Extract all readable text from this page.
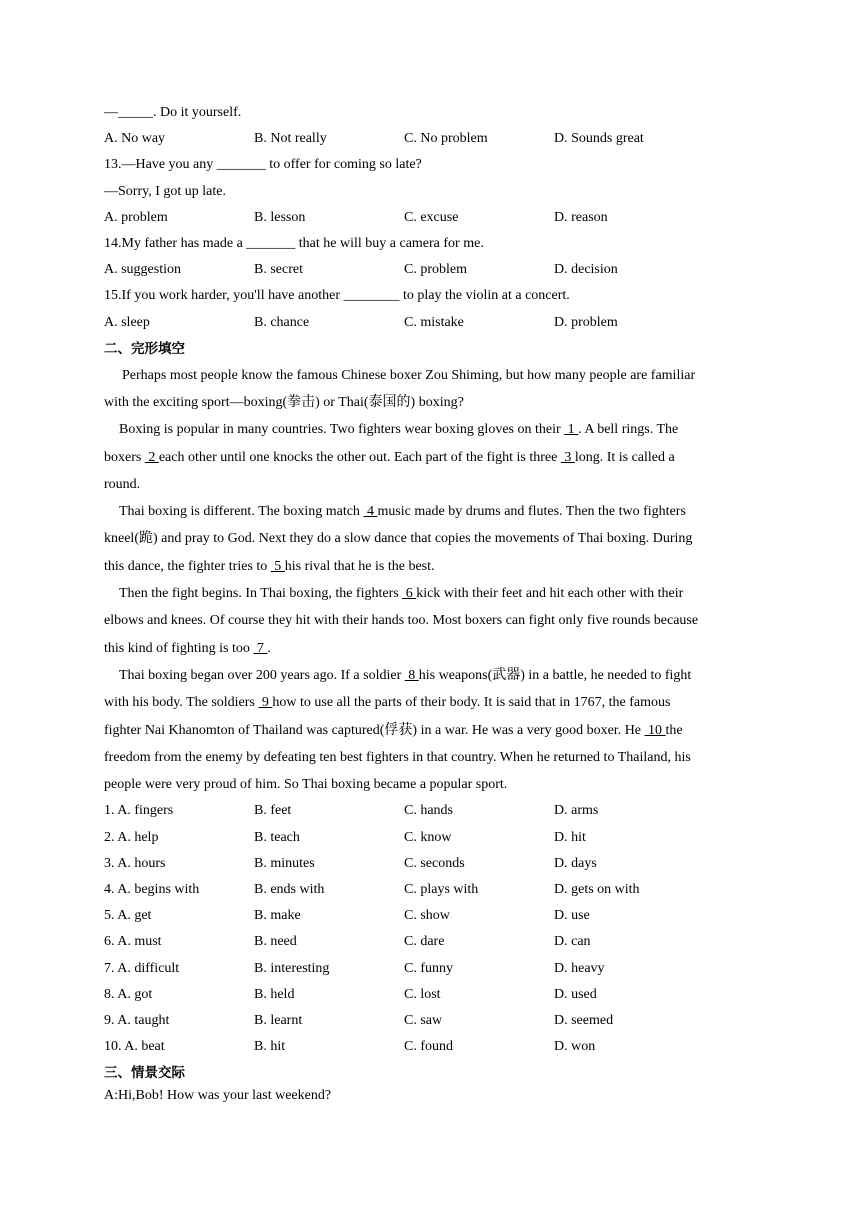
—_____. Do it yourself.
A. No way	B. Not really	C. No problem	D. Sounds great
13.—Have you any _______ to offer for coming so late?
—Sorry, I got up late.
A. problem	B. lesson	C. excuse	D. reason
14.My father has made a _______ that he will buy a camera for me.
A. suggestion	B. secret	C. problem	D. decision
15.If you work harder, you'll have another ________ to play the violin at a concert.
A. sleep	B. chance	C. mistake	D. problem
二、完形填空
Perhaps most people know the famous Chinese boxer Zou Shiming, but how many people are familiar
with the exciting sport—boxing(拳击) or Thai(泰国的) boxing?
Boxing is popular in many countries. Two fighters wear boxing gloves on their  1 . A bell rings. The
boxers  2 each other until one knocks the other out. Each part of the fight is three  3 long. It is called a
round.
Thai boxing is different. The boxing match  4 music made by drums and flutes. Then the two fighters
kneel(跪) and pray to God. Next they do a slow dance that copies the movements of Thai boxing. During
this dance, the fighter tries to  5 his rival that he is the best.
Then the fight begins. In Thai boxing, the fighters  6 kick with their feet and hit each other with their
elbows and knees. Of course they hit with their hands too. Most boxers can fight only five rounds because
this kind of fighting is too  7 .
Thai boxing began over 200 years ago. If a soldier  8 his weapons(武器) in a battle, he needed to fight
with his body. The soldiers  9 how to use all the parts of their body. It is said that in 1767, the famous
fighter Nai Khanomton of Thailand was captured(俘获) in a war. He was a very good boxer. He  10 the
freedom from the enemy by defeating ten best fighters in that country. When he returned to Thailand, his
people were very proud of him. So Thai boxing became a popular sport.
1. A. fingers	B. feet	C. hands	D. arms
2. A. help	B. teach	C. know	D. hit
3. A. hours	B. minutes	C. seconds	D. days
4. A. begins with	B. ends with	C. plays with	D. gets on with
5. A. get	B. make	C. show	D. use
6. A. must	B. need	C. dare	D. can
7. A. difficult	B. interesting	C. funny	D. heavy
8. A. got	B. held	C. lost	D. used
9. A. taught	B. learnt	C. saw	D. seemed
10. A. beat	B. hit	C. found	D. won
三、情景交际
A:Hi,Bob! How was your last weekend?
